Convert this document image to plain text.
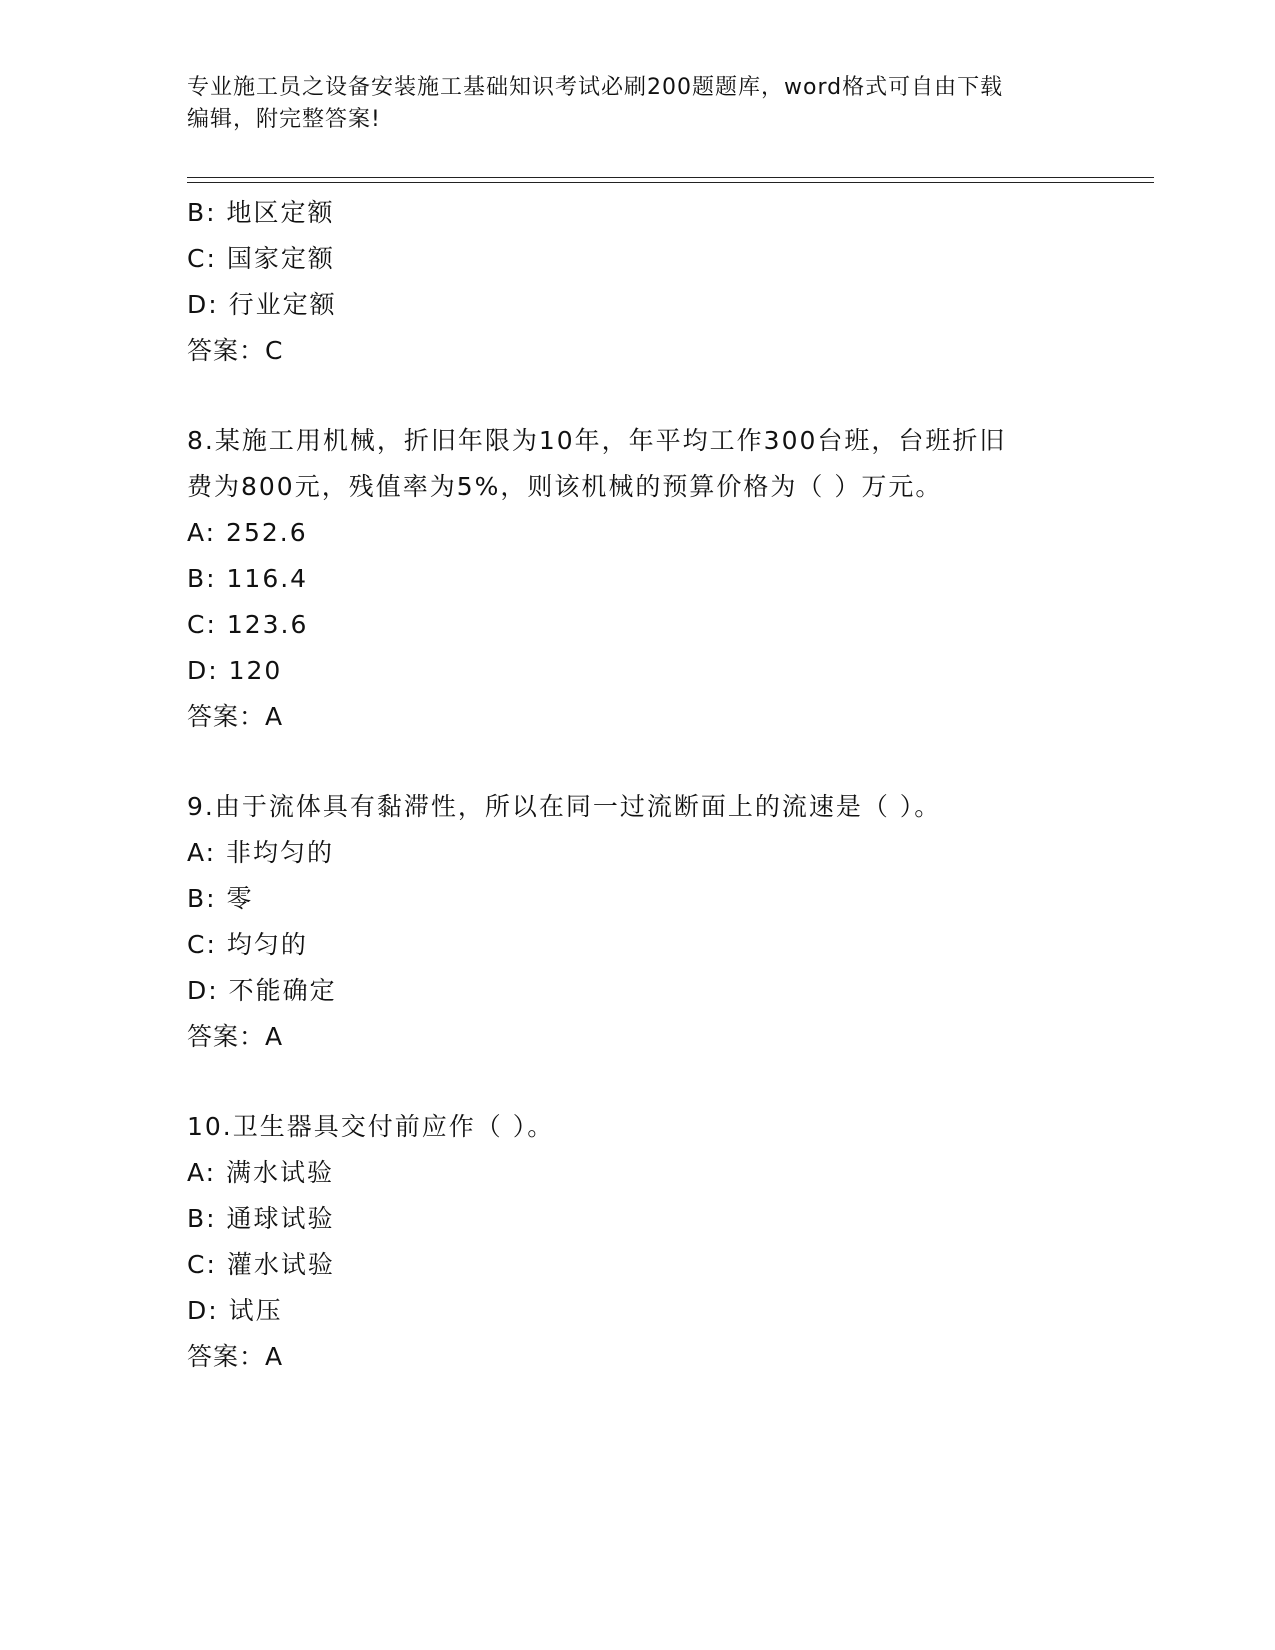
专业施工员之设备安装施工基础知识考试必刷200题题库，word格式可自由下载
编辑，附完整答案!
B: 地区定额
C: 国家定额
D: 行业定额
答案：C
8.某施工用机械，折旧年限为10年，年平均工作300台班，台班折旧
费为800元，残值率为5%，则该机械的预算价格为（ ）万元。
A: 252.6
B: 116.4
C: 123.6
D: 120
答案：A
9.由于流体具有黏滞性，所以在同一过流断面上的流速是（ ）。
A: 非均匀的
B: 零
C: 均匀的
D: 不能确定
答案：A
10.卫生器具交付前应作（ ）。
A: 满水试验
B: 通球试验
C: 灌水试验
D: 试压
答案：A
